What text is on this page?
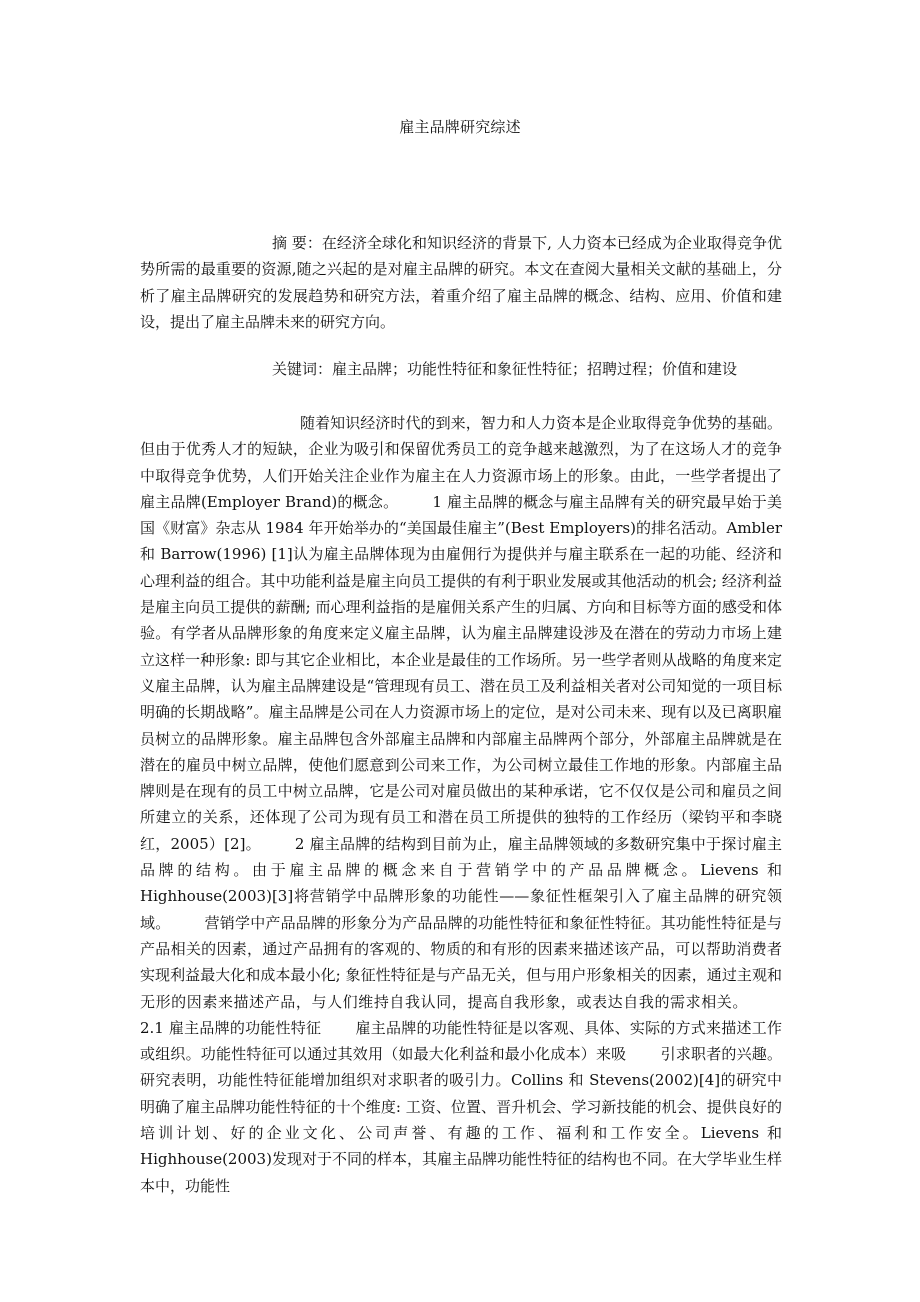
雇主品牌研究综述

摘 要：在经济全球化和知识经济的背景下, 人力资本已经成为企业取得竞争优势所需的最重要的资源,随之兴起的是对雇主品牌的研究。本文在查阅大量相关文献的基础上，分析了雇主品牌研究的发展趋势和研究方法，着重介绍了雇主品牌的概念、结构、应用、价值和建设，提出了雇主品牌未来的研究方向。

关键词：雇主品牌；功能性特征和象征性特征；招聘过程；价值和建设

随着知识经济时代的到来，智力和人力资本是企业取得竞争优势的基础。但由于优秀人才的短缺，企业为吸引和保留优秀员工的竞争越来越激烈，为了在这场人才的竞争中取得竞争优势，人们开始关注企业作为雇主在人力资源市场上的形象。由此，一些学者提出了雇主品牌(Employer Brand)的概念。 1 雇主品牌的概念与雇主品牌有关的研究最早始于美国《财富》杂志从 1984 年开始举办的“美国最佳雇主”(Best Employers)的排名活动。Ambler 和 Barrow(1996) [1]认为雇主品牌体现为由雇佣行为提供并与雇主联系在一起的功能、经济和心理利益的组合。其中功能利益是雇主向员工提供的有利于职业发展或其他活动的机会; 经济利益是雇主向员工提供的薪酬; 而心理利益指的是雇佣关系产生的归属、方向和目标等方面的感受和体验。有学者从品牌形象的角度来定义雇主品牌，认为雇主品牌建设涉及在潜在的劳动力市场上建立这样一种形象: 即与其它企业相比，本企业是最佳的工作场所。另一些学者则从战略的角度来定义雇主品牌，认为雇主品牌建设是“管理现有员工、潜在员工及利益相关者对公司知觉的一项目标明确的长期战略”。雇主品牌是公司在人力资源市场上的定位，是对公司未来、现有以及已离职雇员树立的品牌形象。雇主品牌包含外部雇主品牌和内部雇主品牌两个部分，外部雇主品牌就是在潜在的雇员中树立品牌，使他们愿意到公司来工作，为公司树立最佳工作地的形象。内部雇主品牌则是在现有的员工中树立品牌，它是公司对雇员做出的某种承诺，它不仅仅是公司和雇员之间所建立的关系，还体现了公司为现有员工和潜在员工所提供的独特的工作经历（梁钧平和李晓红，2005）[2]。 2 雇主品牌的结构到目前为止，雇主品牌领域的多数研究集中于探讨雇主品牌的结构。由于雇主品牌的概念来自于营销学中的产品品牌概念。Lievens 和 Highhouse(2003)[3]将营销学中品牌形象的功能性——象征性框架引入了雇主品牌的研究领域。 营销学中产品品牌的形象分为产品品牌的功能性特征和象征性特征。其功能性特征是与产品相关的因素，通过产品拥有的客观的、物质的和有形的因素来描述该产品，可以帮助消费者实现利益最大化和成本最小化; 象征性特征是与产品无关，但与用户形象相关的因素，通过主观和无形的因素来描述产品，与人们维持自我认同，提高自我形象，或表达自我的需求相关。2.1 雇主品牌的功能性特征 雇主品牌的功能性特征是以客观、具体、实际的方式来描述工作或组织。功能性特征可以通过其效用（如最大化利益和最小化成本）来吸 引求职者的兴趣。研究表明，功能性特征能增加组织对求职者的吸引力。Collins 和 Stevens(2002)[4]的研究中明确了雇主品牌功能性特征的十个维度: 工资、位置、晋升机会、学习新技能的机会、提供良好的培训计划、好的企业文化、公司声誉、有趣的工作、福利和工作安全。Lievens 和 Highhouse(2003)发现对于不同的样本，其雇主品牌功能性特征的结构也不同。在大学毕业生样本中，功能性
